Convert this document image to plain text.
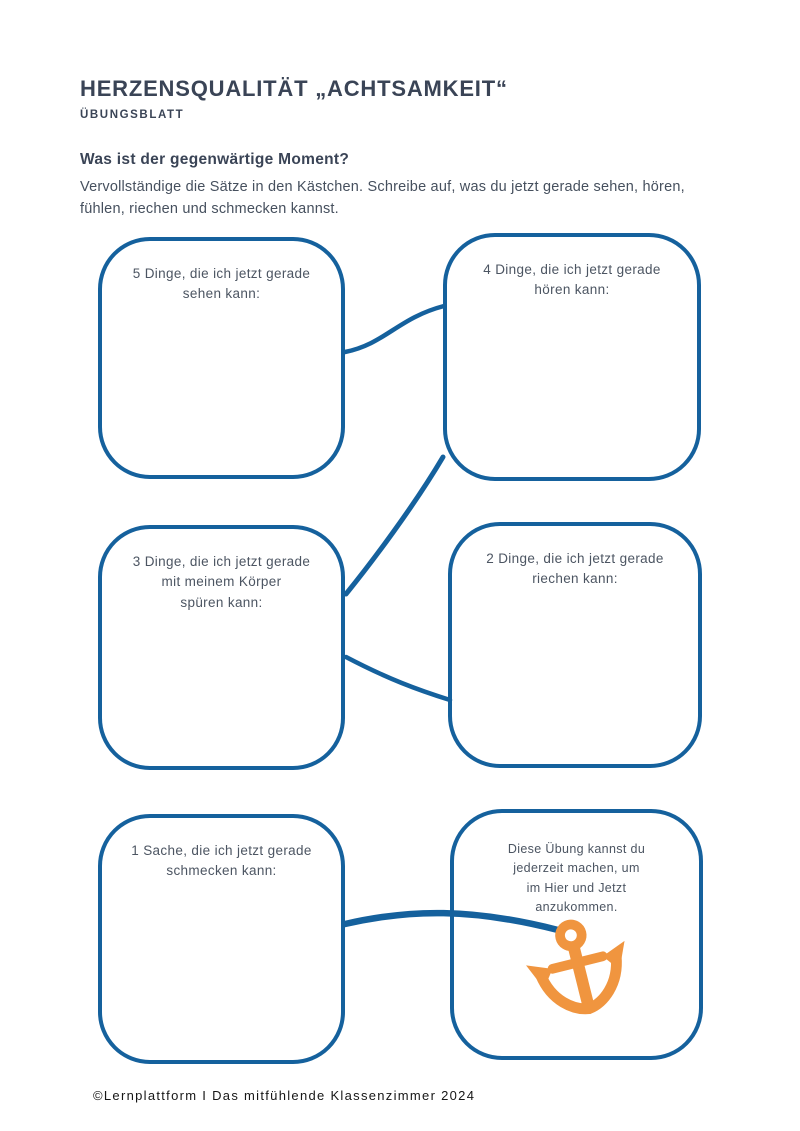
HERZENSQUALITÄT „ACHTSAMKEIT“
ÜBUNGSBLATT
Was ist der gegenwärtige Moment?

Vervollständige die Sätze in den Kästchen. Schreibe auf, was du jetzt gerade sehen, hören, fühlen, riechen und schmecken kannst.

5 Dinge, die ich jetzt gerade
sehen kann:
4 Dinge, die ich jetzt gerade
hören kann:
3 Dinge, die ich jetzt gerade
mit meinem Körper
spüren kann:
2 Dinge, die ich jetzt gerade
riechen kann:
1 Sache, die ich jetzt gerade
schmecken kann:
Diese Übung kannst du
jederzeit machen, um
im Hier und Jetzt
anzukommen.
©Lernplattform I Das mitfühlende Klassenzimmer 2024
